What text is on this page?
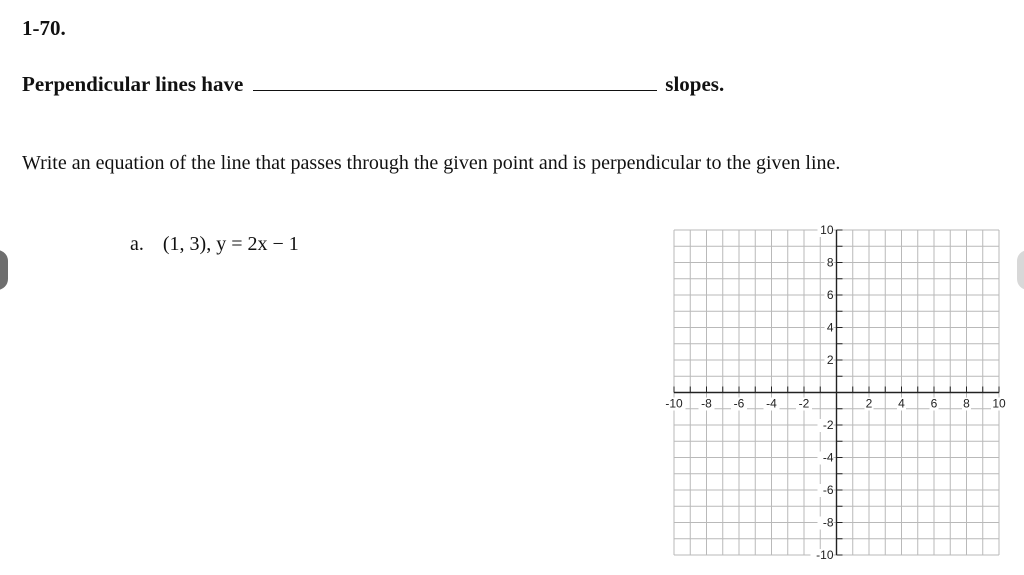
1-70.
Perpendicular lines have	slopes.
Write an equation of the line that passes through the given point and is perpendicular to the given line.
a. (1, 3), y = 2x − 1
-10 -8 -6 -4 -2	2 4 6 8 10
10
8
6
4
2
-2
-4
-6
-8
-10
